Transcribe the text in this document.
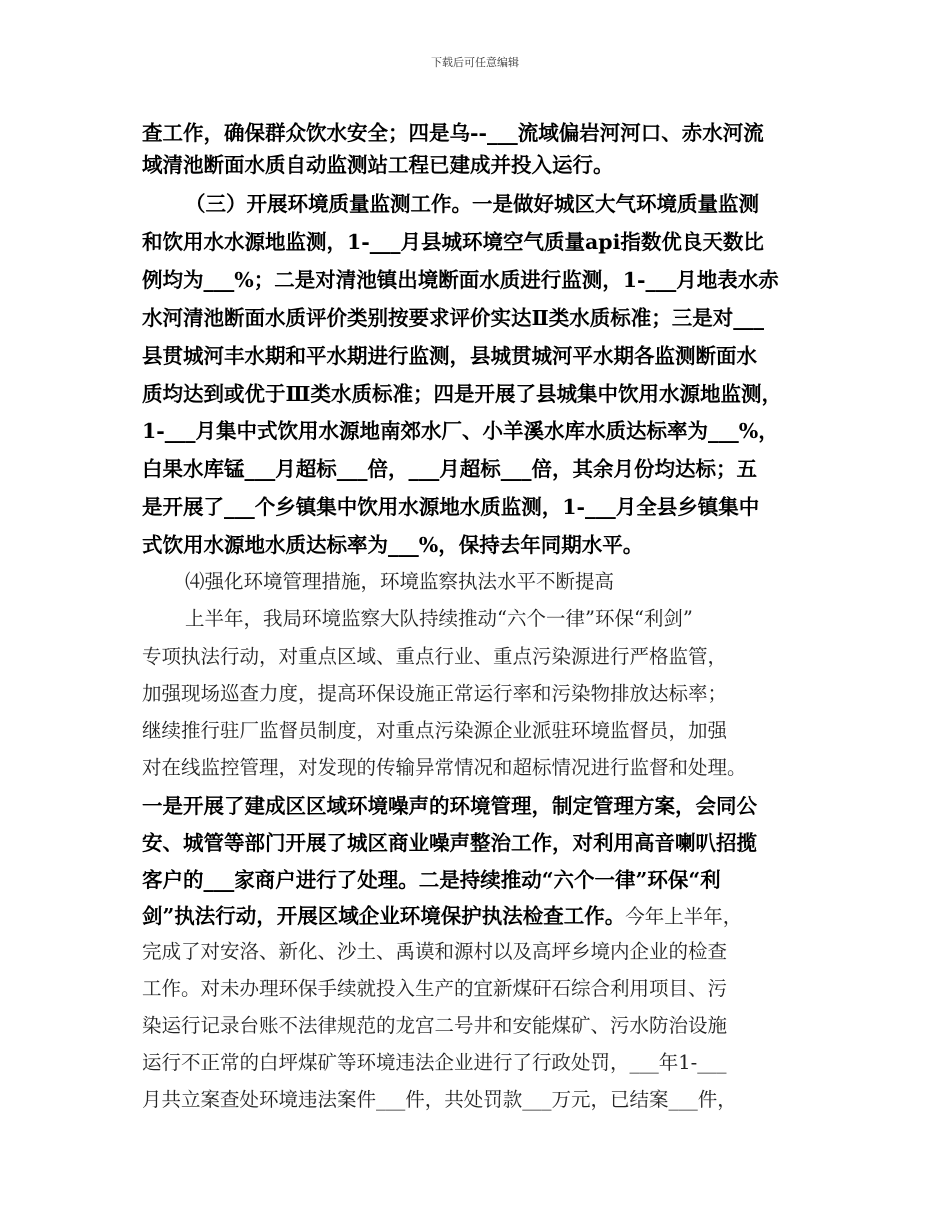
下载后可任意编辑
查工作，确保群众饮水安全；四是乌--___流域偏岩河河口、赤水河流
域清池断面水质自动监测站工程已建成并投入运行。
（三）开展环境质量监测工作。一是做好城区大气环境质量监测
和饮用水水源地监测，1-___月县城环境空气质量api指数优良天数比
例均为___%；二是对清池镇出境断面水质进行监测，1-___月地表水赤
水河清池断面水质评价类别按要求评价实达Ⅱ类水质标准；三是对___
县贯城河丰水期和平水期进行监测，县城贯城河平水期各监测断面水
质均达到或优于Ⅲ类水质标准；四是开展了县城集中饮用水源地监测，
1-___月集中式饮用水源地南郊水厂、小羊溪水库水质达标率为___%，
白果水库锰___月超标___倍，___月超标___倍，其余月份均达标；五
是开展了___个乡镇集中饮用水源地水质监测，1-___月全县乡镇集中
式饮用水源地水质达标率为___%，保持去年同期水平。
⑷强化环境管理措施，环境监察执法水平不断提高
上半年，我局环境监察大队持续推动“六个一律”环保“利剑”
专项执法行动，对重点区域、重点行业、重点污染源进行严格监管，
加强现场巡查力度，提高环保设施正常运行率和污染物排放达标率；
继续推行驻厂监督员制度，对重点污染源企业派驻环境监督员，加强
对在线监控管理，对发现的传输异常情况和超标情况进行监督和处理。
一是开展了建成区区域环境噪声的环境管理，制定管理方案，会同公
安、城管等部门开展了城区商业噪声整治工作，对利用高音喇叭招揽
客户的___家商户进行了处理。二是持续推动“六个一律”环保“利
剑”执法行动，开展区域企业环境保护执法检查工作。今年上半年，
完成了对安洛、新化、沙土、禹谟和源村以及高坪乡境内企业的检查
工作。对未办理环保手续就投入生产的宜新煤矸石综合利用项目、污
染运行记录台账不法律规范的龙宫二号井和安能煤矿、污水防治设施
运行不正常的白坪煤矿等环境违法企业进行了行政处罚，___年1-___
月共立案查处环境违法案件___件，共处罚款___万元，已结案___件，
